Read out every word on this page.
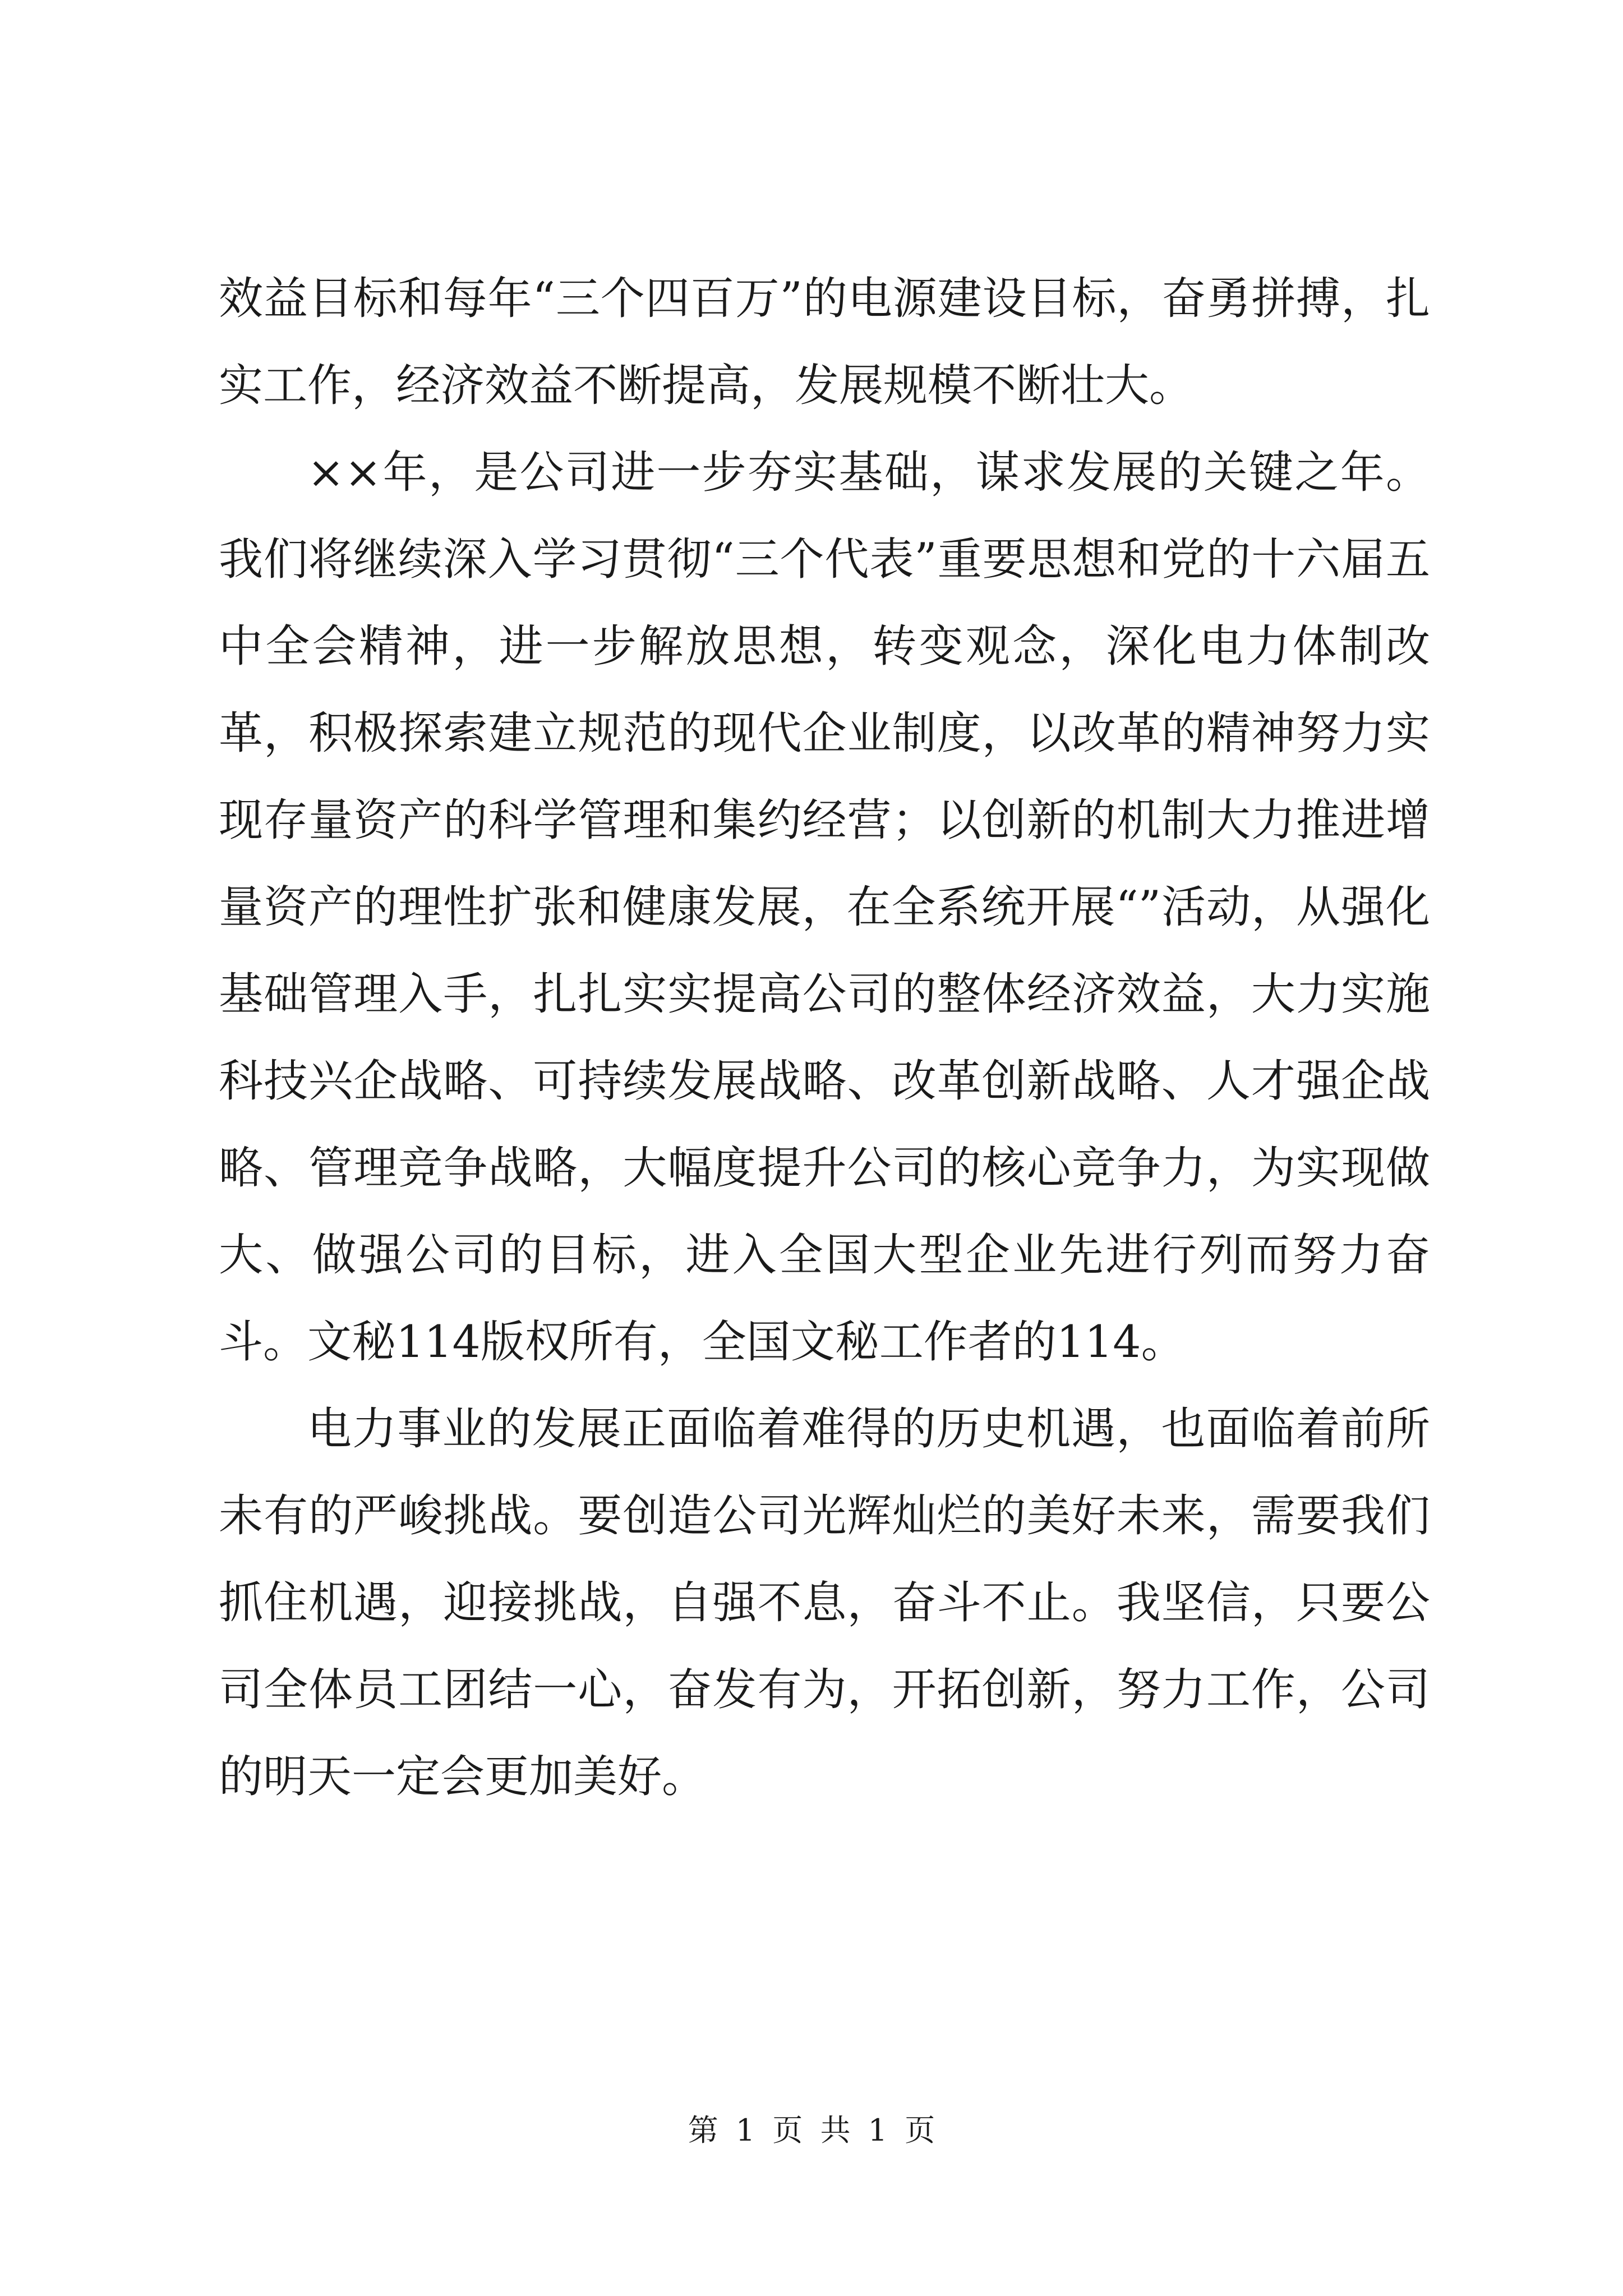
效益目标和每年“三个四百万”的电源建设目标，奋勇拼搏，扎实工作，经济效益不断提高，发展规模不断壮大。

××年，是公司进一步夯实基础，谋求发展的关键之年。我们将继续深入学习贯彻“三个代表”重要思想和党的十六届五中全会精神，进一步解放思想，转变观念，深化电力体制改革，积极探索建立规范的现代企业制度，以改革的精神努力实现存量资产的科学管理和集约经营；以创新的机制大力推进增量资产的理性扩张和健康发展，在全系统开展“”活动，从强化基础管理入手，扎扎实实提高公司的整体经济效益，大力实施科技兴企战略、可持续发展战略、改革创新战略、人才强企战略、管理竞争战略，大幅度提升公司的核心竞争力，为实现做大、做强公司的目标，进入全国大型企业先进行列而努力奋斗。文秘114版权所有，全国文秘工作者的114。

电力事业的发展正面临着难得的历史机遇，也面临着前所未有的严峻挑战。要创造公司光辉灿烂的美好未来，需要我们抓住机遇，迎接挑战，自强不息，奋斗不止。我坚信，只要公司全体员工团结一心，奋发有为，开拓创新，努力工作，公司的明天一定会更加美好。

第 1 页 共 1 页
